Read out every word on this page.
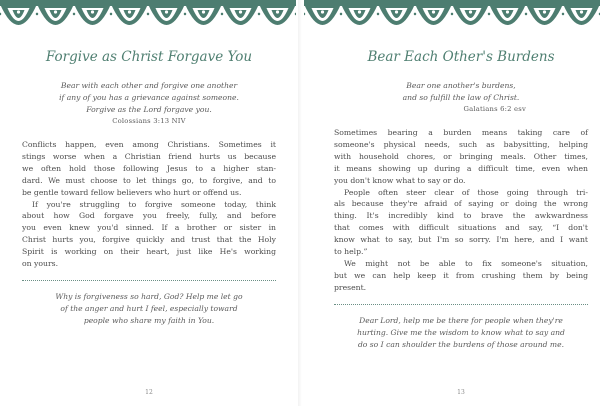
Forgive as Christ Forgave You
Bear with each other and forgive one another
if any of you has a grievance against someone.
Forgive as the Lord forgave you.
Colossians 3:13 NIV
Conflicts happen, even among Christians. Sometimes it
stings worse when a Christian friend hurts us because
we often hold those following Jesus to a higher stan-
dard. We must choose to let things go, to forgive, and to
be gentle toward fellow believers who hurt or offend us.
If you're struggling to forgive someone today, think
about how God forgave you freely, fully, and before
you even knew you'd sinned. If a brother or sister in
Christ hurts you, forgive quickly and trust that the Holy
Spirit is working on their heart, just like He's working
on yours.
Why is forgiveness so hard, God? Help me let go
of the anger and hurt I feel, especially toward
people who share my faith in You.
12
Bear Each Other's Burdens
Bear one another's burdens,
and so fulfill the law of Christ.
Galatians 6:2 esv
Sometimes bearing a burden means taking care of
someone's physical needs, such as babysitting, helping
with household chores, or bringing meals. Other times,
it means showing up during a difficult time, even when
you don't know what to say or do.
People often steer clear of those going through tri-
als because they're afraid of saying or doing the wrong
thing. It's incredibly kind to brave the awkwardness
that comes with difficult situations and say, “I don't
know what to say, but I'm so sorry. I'm here, and I want
to help.”
We might not be able to fix someone's situation,
but we can help keep it from crushing them by being
present.
Dear Lord, help me be there for people when they're
hurting. Give me the wisdom to know what to say and
do so I can shoulder the burdens of those around me.
13
